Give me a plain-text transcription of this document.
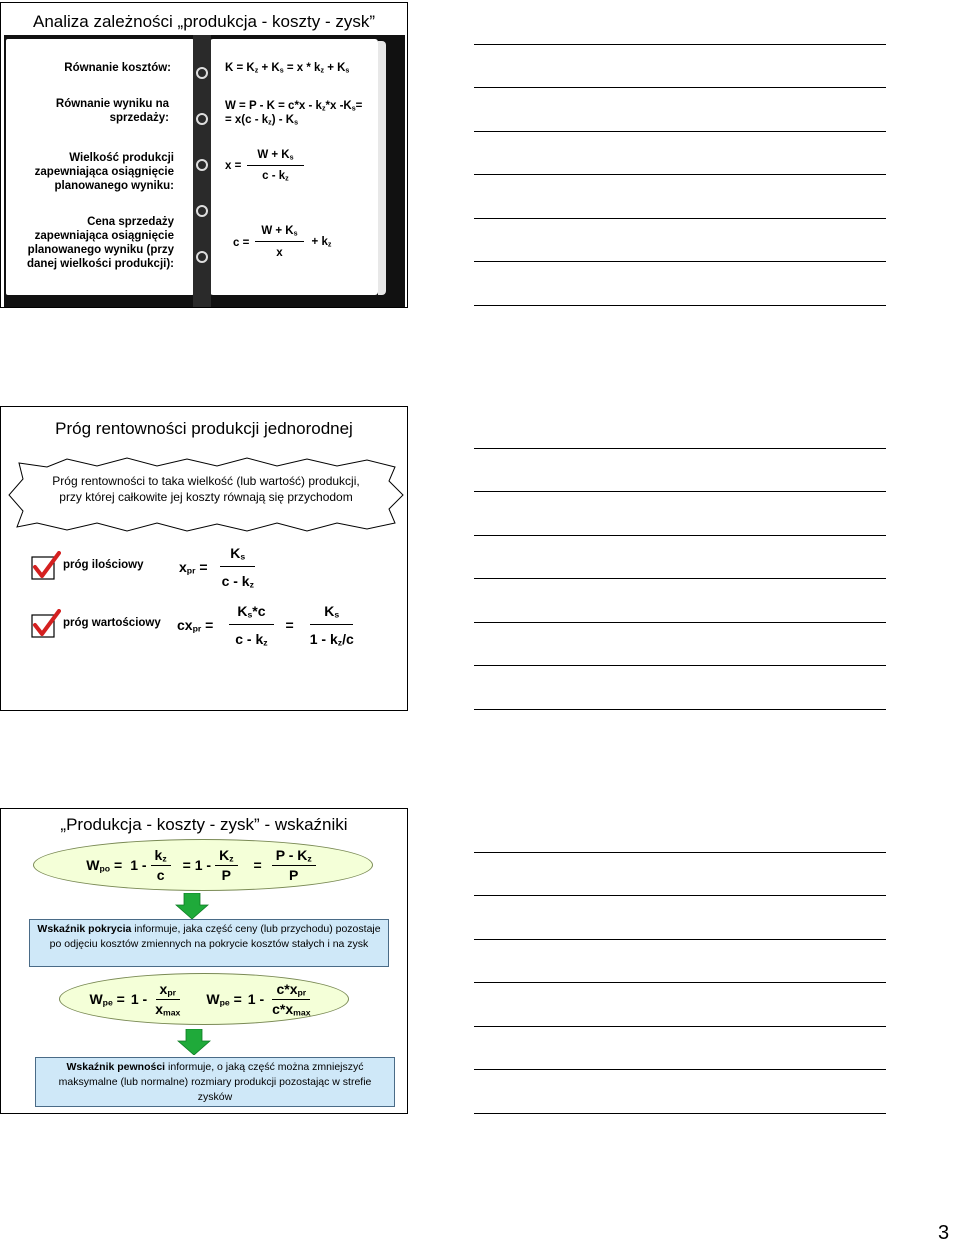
Analiza zależności „produkcja - koszty - zysk”
Równanie kosztów:	$K = K_z + K_s = x * k_z + K_s$
Równanie wyniku na sprzedaży:
$W = P - K = c*x - k_z*x$ $-K_s=$
= $x(c - k_z) - K_s$
Wielkość produkcji zapewniająca osiągnięcie planowanego wyniku:
$x = \frac{W + K_s}{c - k_z}$
Cena sprzedaży zapewniająca osiągnięcie planowanego wyniku (przy danej wielkości produkcji):
$c = \frac{W + K_s}{x} + k_z$
Próg rentowności produkcji jednorodnej
Próg rentowności to taka wielkość (lub wartość) produkcji, przy której całkowite jej koszty równają się przychodom
próg ilościowy	$x_{pr} = \frac{K_s}{c - k_z}$
próg wartościowy $cx_{pr} = \frac{K_s*c}{c - k_z} = \frac{K_s}{1 - k_z/c}$
„Produkcja - koszty - zysk” - wskaźniki
$W_{po} = 1 - \frac{k_z}{c} = 1 - \frac{K_z}{P} = \frac{P - K_z}{P}$
Wskaźnik pokrycia informuje, jaka część ceny (lub przychodu) pozostaje po odjęciu kosztów zmiennych na pokrycie kosztów stałych i na zysk
$W_{pe} = 1 - \frac{x_{pr}}{x_{max}} W_{pe} = 1 - \frac{c*x_{pr}}{c*x_{max}}$
Wskaźnik pewności informuje, o jaką część można zmniejszyć maksymalne (lub normalne) rozmiary produkcji pozostając w strefie zysków
3
